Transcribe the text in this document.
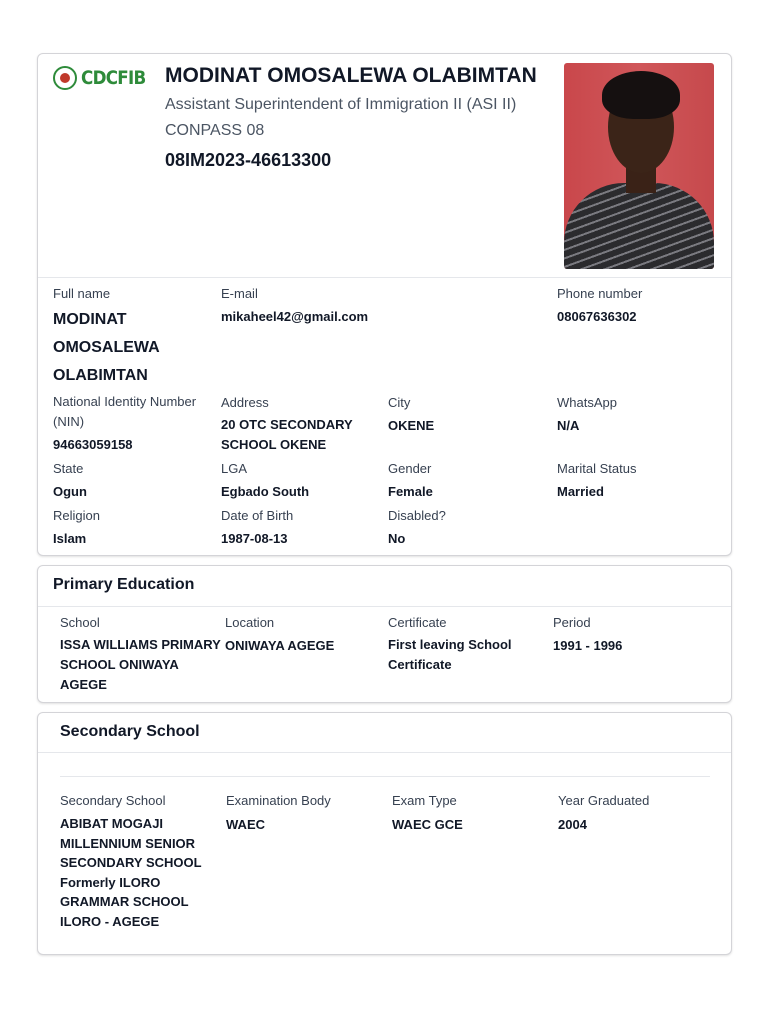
CDCFIB MODINAT OMOSALEWA OLABIMTAN
Assistant Superintendent of Immigration II (ASI II)
CONPASS 08
08IM2023-46613300
Full name
MODINAT OMOSALEWA OLABIMTAN
E-mail
mikaheel42@gmail.com
Phone number
08067636302
National Identity Number (NIN)
94663059158
Address
20 OTC SECONDARY SCHOOL OKENE
City
OKENE
WhatsApp
N/A
State
Ogun
LGA
Egbado South
Gender
Female
Marital Status
Married
Religion
Islam
Date of Birth
1987-08-13
Disabled?
No
Primary Education
School
ISSA WILLIAMS PRIMARY SCHOOL ONIWAYA AGEGE
Location
ONIWAYA AGEGE
Certificate
First leaving School Certificate
Period
1991 - 1996
Secondary School
Secondary School
ABIBAT MOGAJI MILLENNIUM SENIOR SECONDARY SCHOOL Formerly ILORO GRAMMAR SCHOOL ILORO - AGEGE
Examination Body
WAEC
Exam Type
WAEC GCE
Year Graduated
2004
